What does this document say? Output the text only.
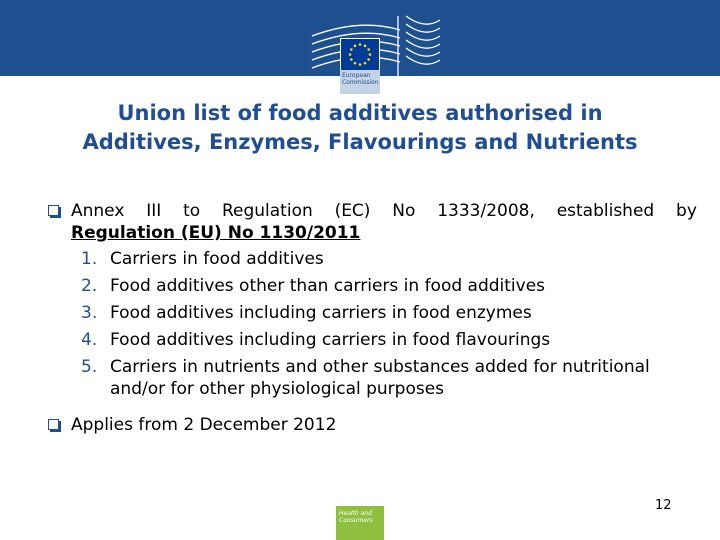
European Commission
Union list of food additives authorised in Additives, Enzymes, Flavourings and Nutrients
Annex III to Regulation (EC) No 1333/2008, established by
Regulation (EU) No 1130/2011
1. Carriers in food additives
2. Food additives other than carriers in food additives
3. Food additives including carriers in food enzymes
4. Food additives including carriers in food flavourings
5. Carriers in nutrients and other substances added for nutritional and/or for other physiological purposes
Applies from 2 December 2012
Health and Consumers
12
